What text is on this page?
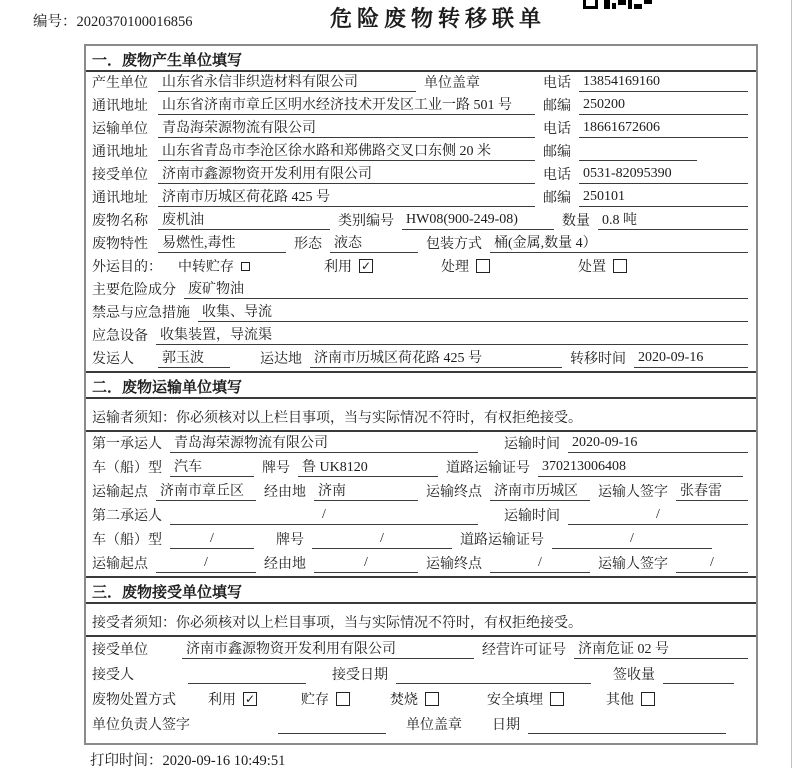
编号：2020370100016856	危险废物转移联单
一．废物产生单位填写
产生单位 山东省永信非织造材料有限公司	单位盖章	电话 13854169160
通讯地址 山东省济南市章丘区明水经济技术开发区工业一路 501 号	邮编 250200
运输单位 青岛海荣源物流有限公司	电话 18661672606
通讯地址 山东省青岛市李沧区徐水路和郑佛路交叉口东侧 20 米	邮编
接受单位 济南市鑫源物资开发利用有限公司	电话 0531-82095390
通讯地址 济南市历城区荷花路 425 号	邮编 250101
废物名称 废机油	类别编号 HW08(900-249-08)	数量 0.8 吨
废物特性 易燃性,毒性	形态 液态	包装方式 桶(金属,数量 4）
外运目的： 中转贮存	利用 ✓	处理	处置
主要危险成分 废矿物油
禁忌与应急措施 收集、导流
应急设备 收集装置，导流渠
发运人	郭玉波	运达地 济南市历城区荷花路 425 号	转移时间 2020-09-16
二．废物运输单位填写
运输者须知：你必须核对以上栏目事项，当与实际情况不符时，有权拒绝接受。
第一承运人 青岛海荣源物流有限公司	运输时间 2020-09-16
车（船）型 汽车	牌号 鲁 UK8120	道路运输证号 370213006408
运输起点 济南市章丘区	经由地 济南	运输终点 济南市历城区	运输人签字 张春雷
第二承运人	/	运输时间	/
车（船）型	/	牌号	/	道路运输证号	/
运输起点	/	经由地	/	运输终点	/	运输人签字	/
三．废物接受单位填写
接受者须知：你必须核对以上栏目事项，当与实际情况不符时，有权拒绝接受。
接受单位	济南市鑫源物资开发利用有限公司	经营许可证号 济南危证 02 号
接受人	接受日期	签收量
废物处置方式 利用 ✓	贮存	焚烧	安全填埋	其他
单位负责人签字	单位盖章 日期
打印时间：2020-09-16 10:49:51
